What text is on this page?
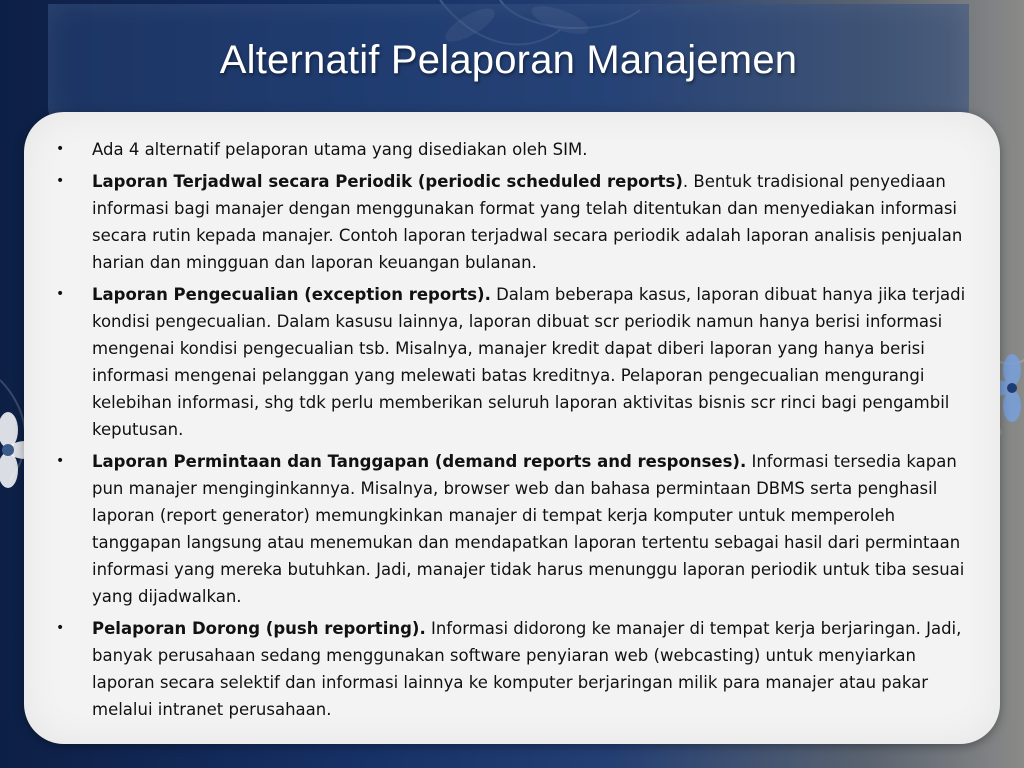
Alternatif Pelaporan Manajemen
•	Ada 4 alternatif pelaporan utama yang disediakan oleh SIM.
•	Laporan Terjadwal secara Periodik (periodic scheduled reports). Bentuk tradisional penyediaan informasi bagi manajer dengan menggunakan format yang telah ditentukan dan menyediakan informasi secara rutin kepada manajer. Contoh laporan terjadwal secara periodik adalah laporan analisis penjualan harian dan mingguan dan laporan keuangan bulanan.
•	Laporan Pengecualian (exception reports). Dalam beberapa kasus, laporan dibuat hanya jika terjadi kondisi pengecualian. Dalam kasusu lainnya, laporan dibuat scr periodik namun hanya berisi informasi mengenai kondisi pengecualian tsb. Misalnya, manajer kredit dapat diberi laporan yang hanya berisi informasi mengenai pelanggan yang melewati batas kreditnya. Pelaporan pengecualian mengurangi kelebihan informasi, shg tdk perlu memberikan seluruh laporan aktivitas bisnis scr rinci bagi pengambil keputusan.
•	Laporan Permintaan dan Tanggapan (demand reports and responses). Informasi tersedia kapan pun manajer menginginkannya. Misalnya, browser web dan bahasa permintaan DBMS serta penghasil laporan (report generator) memungkinkan manajer di tempat kerja komputer untuk memperoleh tanggapan langsung atau menemukan dan mendapatkan laporan tertentu sebagai hasil dari permintaan informasi yang mereka butuhkan. Jadi, manajer tidak harus menunggu laporan periodik untuk tiba sesuai yang dijadwalkan.
•	Pelaporan Dorong (push reporting). Informasi didorong ke manajer di tempat kerja berjaringan. Jadi, banyak perusahaan sedang menggunakan software penyiaran web (webcasting) untuk menyiarkan laporan secara selektif dan informasi lainnya ke komputer berjaringan milik para manajer atau pakar melalui intranet perusahaan.
